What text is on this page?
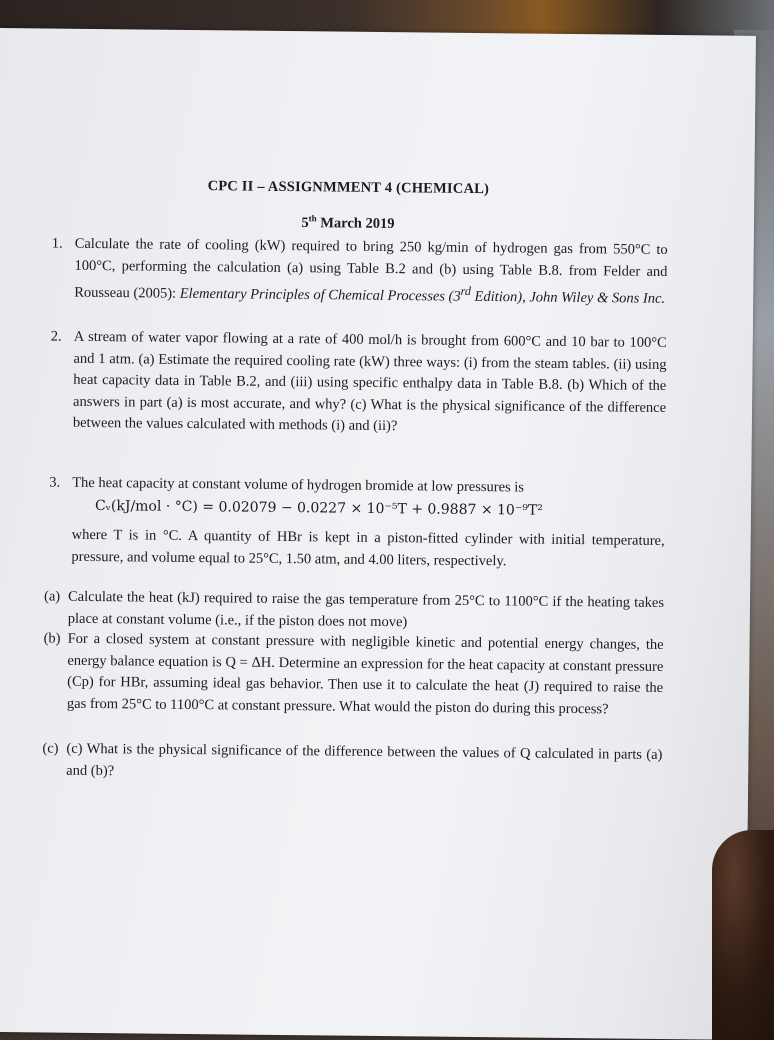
CPC II – ASSIGNMMENT 4 (CHEMICAL)
5th March 2019
1. Calculate the rate of cooling (kW) required to bring 250 kg/min of hydrogen gas from 550°C to 100°C, performing the calculation (a) using Table B.2 and (b) using Table B.8. from Felder and Rousseau (2005): Elementary Principles of Chemical Processes (3rd Edition), John Wiley & Sons Inc.
2. A stream of water vapor flowing at a rate of 400 mol/h is brought from 600°C and 10 bar to 100°C and 1 atm. (a) Estimate the required cooling rate (kW) three ways: (i) from the steam tables. (ii) using heat capacity data in Table B.2, and (iii) using specific enthalpy data in Table B.8. (b) Which of the answers in part (a) is most accurate, and why? (c) What is the physical significance of the difference between the values calculated with methods (i) and (ii)?
3. The heat capacity at constant volume of hydrogen bromide at low pressures is
Cᵥ(kJ/mol · °C) = 0.02079 − 0.0227 × 10⁻⁵T + 0.9887 × 10⁻⁹T²
where T is in °C. A quantity of HBr is kept in a piston-fitted cylinder with initial temperature, pressure, and volume equal to 25°C, 1.50 atm, and 4.00 liters, respectively.
(a) Calculate the heat (kJ) required to raise the gas temperature from 25°C to 1100°C if the heating takes place at constant volume (i.e., if the piston does not move)
(b) For a closed system at constant pressure with negligible kinetic and potential energy changes, the energy balance equation is Q = ΔH. Determine an expression for the heat capacity at constant pressure (Cp) for HBr, assuming ideal gas behavior. Then use it to calculate the heat (J) required to raise the gas from 25°C to 1100°C at constant pressure. What would the piston do during this process?
(c) (c) What is the physical significance of the difference between the values of Q calculated in parts (a) and (b)?
